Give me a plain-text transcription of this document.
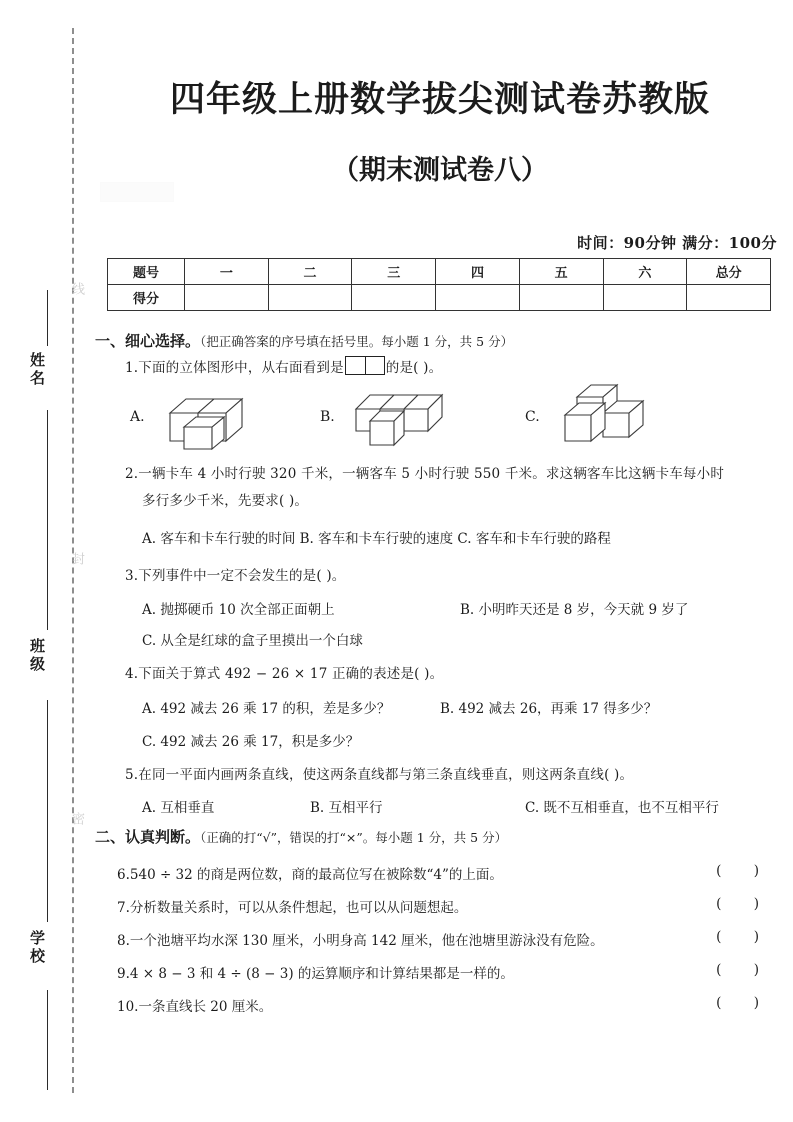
线
封
密
姓名
班级
学校
四年级上册数学拔尖测试卷苏教版
（期末测试卷八）
时间：90分钟 满分：100分
题号	一	二	三	四	五	六	总分
得分							
一、细心选择。（把正确答案的序号填在括号里。每小题 1 分，共 5 分）
1.下面的立体图形中，从右面看到是	的是( )。
A.	B.	C.
2.一辆卡车 4 小时行驶 320 千米，一辆客车 5 小时行驶 550 千米。求这辆客车比这辆卡车每小时
多行多少千米，先要求( )。
A. 客车和卡车行驶的时间 B. 客车和卡车行驶的速度 C. 客车和卡车行驶的路程
3.下列事件中一定不会发生的是( )。
A. 抛掷硬币 10 次全部正面朝上	B. 小明昨天还是 8 岁，今天就 9 岁了
C. 从全是红球的盒子里摸出一个白球
4.下面关于算式 492 − 26 × 17 正确的表述是( )。
A. 492 减去 26 乘 17 的积，差是多少？	B. 492 减去 26，再乘 17 得多少？
C. 492 减去 26 乘 17，积是多少？
5.在同一平面内画两条直线，使这两条直线都与第三条直线垂直，则这两条直线( )。
A. 互相垂直	B. 互相平行	C. 既不互相垂直，也不互相平行
二、认真判断。（正确的打“√”，错误的打“×”。每小题 1 分，共 5 分）
6.540 ÷ 32 的商是两位数，商的最高位写在被除数“4”的上面。	( )
7.分析数量关系时，可以从条件想起，也可以从问题想起。	( )
8.一个池塘平均水深 130 厘米，小明身高 142 厘米，他在池塘里游泳没有危险。	( )
9.4 × 8 − 3 和 4 ÷ (8 − 3) 的运算顺序和计算结果都是一样的。	( )
10.一条直线长 20 厘米。	( )
